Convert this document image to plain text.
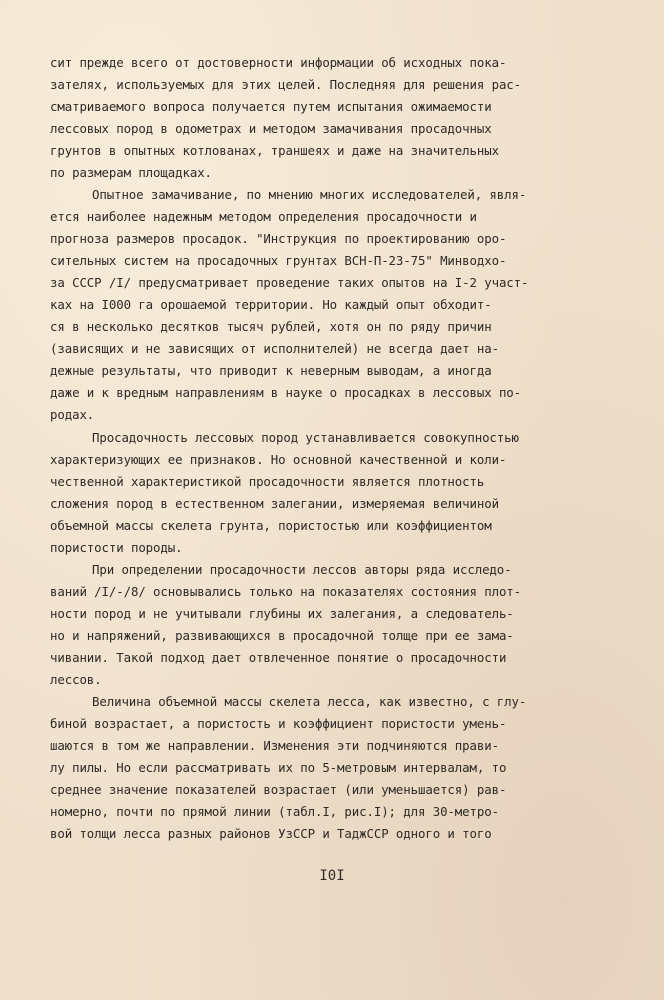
сит прежде всего от достоверности информации об исходных пока-
зателях, используемых для этих целей. Последняя для решения рас-
сматриваемого вопроса получается путем испытания ожимаемости
лессовых пород в одометрах и методом замачивания просадочных
грунтов в опытных котлованах, траншеях и даже на значительных
по размерам площадках.
Опытное замачивание, по мнению многих исследователей, явля-
ется наиболее надежным методом определения просадочности и
прогноза размеров просадок. "Инструкция по проектированию оро-
сительных систем на просадочных грунтах ВСН-П-23-75" Минводхо-
за СССР /I/ предусматривает проведение таких опытов на I-2 участ-
ках на I000 га орошаемой территории. Но каждый опыт обходит-
ся в несколько десятков тысяч рублей, хотя он по ряду причин
(зависящих и не зависящих от исполнителей) не всегда дает на-
дежные результаты, что приводит к неверным выводам, а иногда
даже и к вредным направлениям в науке о просадках в лессовых по-
родах.
Просадочность лессовых пород устанавливается совокупностью
характеризующих ее признаков. Но основной качественной и коли-
чественной характеристикой просадочности является плотность
сложения пород в естественном залегании, измеряемая величиной
объемной массы скелета грунта, пористостью или коэффициентом
пористости породы.
При определении просадочности лессов авторы ряда исследо-
ваний /I/-/8/ основывались только на показателях состояния плот-
ности пород и не учитывали глубины их залегания, а следователь-
но и напряжений, развивающихся в просадочной толще при ее зама-
чивании. Такой подход дает отвлеченное понятие о просадочности
лессов.
Величина объемной массы скелета лесса, как известно, с глу-
биной возрастает, а пористость и коэффициент пористости умень-
шаются в том же направлении. Изменения эти подчиняются прави-
лу пилы. Но если рассматривать их по 5-метровым интервалам, то
среднее значение показателей возрастает (или уменьшается) рав-
номерно, почти по прямой линии (табл.I, рис.I); для 30-метро-
вой толщи лесса разных районов УзССР и ТаджССР одного и того
I0I
